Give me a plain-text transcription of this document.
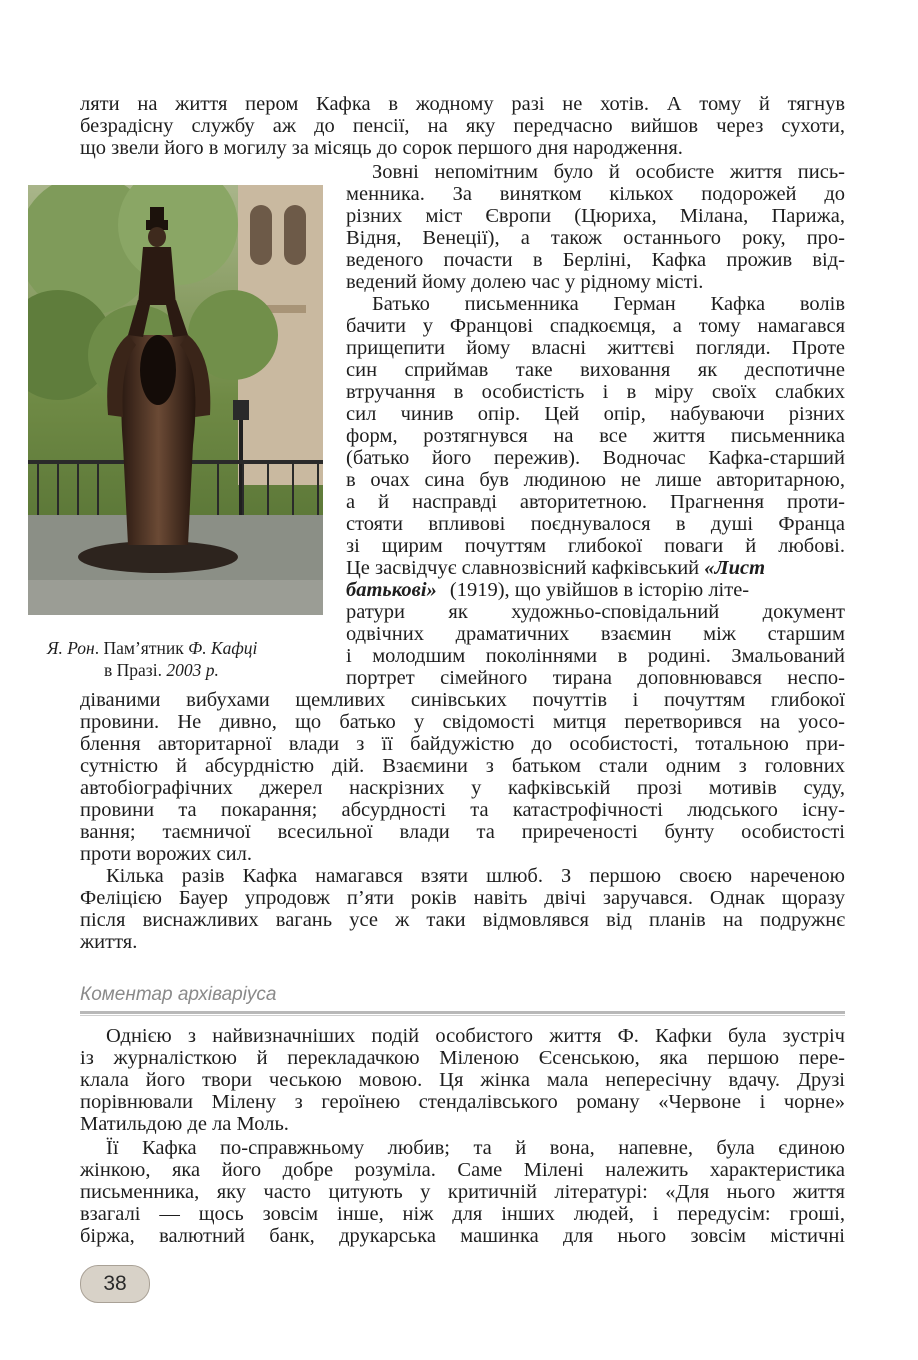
ляти на життя пером Кафка в жодному разі не хотів. А тому й тягнув
безрадісну службу аж до пенсії, на яку передчасно вийшов через сухоти,
що звели його в могилу за місяць до сорок першого дня народження.
Зовні непомітним було й особисте життя пись-
менника. За винятком кількох подорожей до
різних міст Європи (Цюриха, Мілана, Парижа,
Відня, Венеції), а також останнього року, про-
веденого почасти в Берліні, Кафка прожив від-
ведений йому долею час у рідному місті.
Батько письменника Герман Кафка волів
бачити у Францові спадкоємця, а тому намагався
прищепити йому власні життєві погляди. Проте
син сприймав таке виховання як деспотичне
втручання в особистість і в міру своїх слабких
сил чинив опір. Цей опір, набуваючи різних
форм, розтягнувся на все життя письменника
(батько його пережив). Водночас Кафка-старший
в очах сина був людиною не лише авторитарною,
а й насправді авторитетною. Прагнення проти-
стояти впливові поєднувалося в душі Франца
зі щирим почуттям глибокої поваги й любові.
Це засвідчує славнозвісний кафківський «Лист
батькові» (1919), що увійшов в історію літе-
ратури як художньо-сповідальний документ
одвічних драматичних взаємин між старшим
і молодшим поколіннями в родині. Змальований
портрет сімейного тирана доповнювався неспо-
Я. Рон. Пам’ятник Ф. Кафці
в Празі. 2003 р.
діваними вибухами щемливих синівських почуттів і почуттям глибокої
провини. Не дивно, що батько у свідомості митця перетворився на уосо-
блення авторитарної влади з її байдужістю до особистості, тотальною при-
сутністю й абсурдністю дій. Взаємини з батьком стали одним з головних
автобіографічних джерел наскрізних у кафківській прозі мотивів суду,
провини та покарання; абсурдності та катастрофічності людського існу-
вання; таємничої всесильної влади та приреченості бунту особистості
проти ворожих сил.
Кілька разів Кафка намагався взяти шлюб. З першою своєю нареченою
Феліцією Бауер упродовж п’яти років навіть двічі заручався. Однак щоразу
після виснажливих вагань усе ж таки відмовлявся від планів на подружнє
життя.
Коментар архіваріуса
Однією з найвизначніших подій особистого життя Ф. Кафки була зустріч
із журналісткою й перекладачкою Міленою Єсенською, яка першою пере-
клала його твори чеською мовою. Ця жінка мала непересічну вдачу. Друзі
порівнювали Мілену з героїнею стендалівського роману «Червоне і чорне»
Матильдою де ла Моль.
Її Кафка по-справжньому любив; та й вона, напевне, була єдиною
жінкою, яка його добре розуміла. Саме Мілені належить характеристика
письменника, яку часто цитують у критичній літературі: «Для нього життя
взагалі — щось зовсім інше, ніж для інших людей, і передусім: гроші,
біржа, валютний банк, друкарська машинка для нього зовсім містичні
38
